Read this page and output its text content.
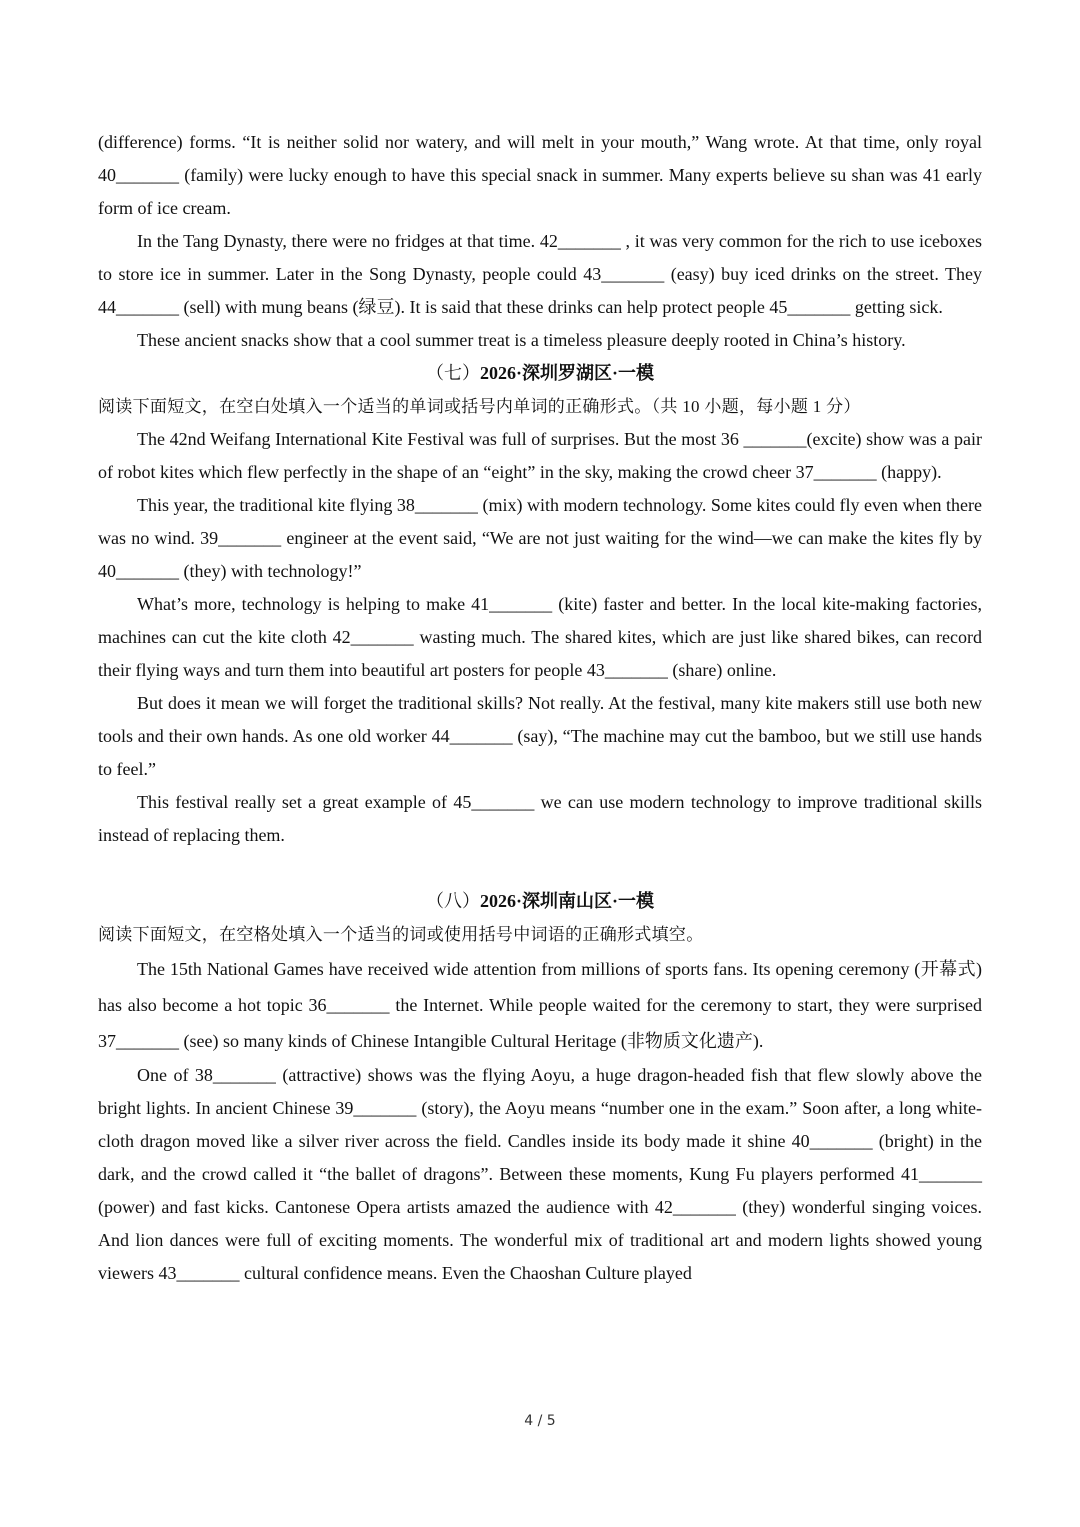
(difference) forms. “It is neither solid nor watery, and will melt in your mouth,” Wang wrote. At that time, only royal 40_______ (family) were lucky enough to have this special snack in summer. Many experts believe su shan was 41 early form of ice cream.

In the Tang Dynasty, there were no fridges at that time. 42_______ , it was very common for the rich to use iceboxes to store ice in summer. Later in the Song Dynasty, people could 43_______ (easy) buy iced drinks on the street. They 44_______ (sell) with mung beans (绿豆). It is said that these drinks can help protect people 45_______ getting sick.

These ancient snacks show that a cool summer treat is a timeless pleasure deeply rooted in China’s history.

（七）2026·深圳罗湖区·一模

阅读下面短文，在空白处填入一个适当的单词或括号内单词的正确形式。（共 10 小题，每小题 1 分）

The 42nd Weifang International Kite Festival was full of surprises. But the most 36 _______(excite) show was a pair of robot kites which flew perfectly in the shape of an “eight” in the sky, making the crowd cheer 37_______ (happy).

This year, the traditional kite flying 38_______ (mix) with modern technology. Some kites could fly even when there was no wind. 39_______ engineer at the event said, “We are not just waiting for the wind—we can make the kites fly by 40_______ (they) with technology!”

What’s more, technology is helping to make 41_______ (kite) faster and better. In the local kite-making factories, machines can cut the kite cloth 42_______ wasting much. The shared kites, which are just like shared bikes, can record their flying ways and turn them into beautiful art posters for people 43_______ (share) online.

But does it mean we will forget the traditional skills? Not really. At the festival, many kite makers still use both new tools and their own hands. As one old worker 44_______ (say), “The machine may cut the bamboo, but we still use hands to feel.”

This festival really set a great example of 45_______ we can use modern technology to improve traditional skills instead of replacing them.

（八）2026·深圳南山区·一模

阅读下面短文，在空格处填入一个适当的词或使用括号中词语的正确形式填空。

The 15th National Games have received wide attention from millions of sports fans. Its opening ceremony (开幕式) has also become a hot topic 36_______ the Internet. While people waited for the ceremony to start, they were surprised 37_______ (see) so many kinds of Chinese Intangible Cultural Heritage (非物质文化遗产).

One of 38_______ (attractive) shows was the flying Aoyu, a huge dragon-headed fish that flew slowly above the bright lights. In ancient Chinese 39_______ (story), the Aoyu means “number one in the exam.” Soon after, a long white-cloth dragon moved like a silver river across the field. Candles inside its body made it shine 40_______ (bright) in the dark, and the crowd called it “the ballet of dragons”. Between these moments, Kung Fu players performed 41_______ (power) and fast kicks. Cantonese Opera artists amazed the audience with 42_______ (they) wonderful singing voices. And lion dances were full of exciting moments. The wonderful mix of traditional art and modern lights showed young viewers 43_______ cultural confidence means. Even the Chaoshan Culture played

4 / 5
